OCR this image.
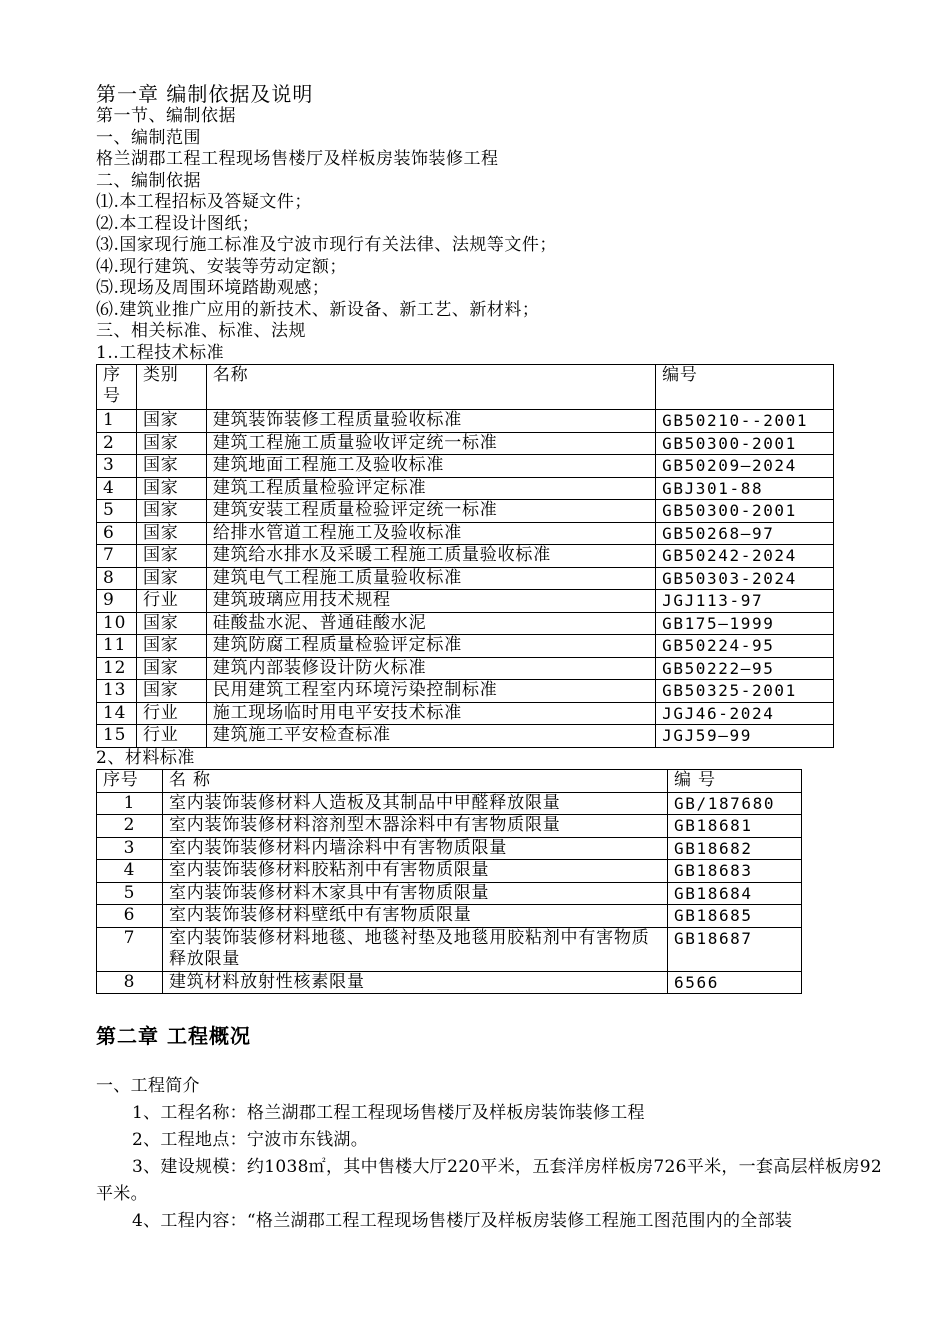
第一章 编制依据及说明
第一节、编制依据
一、编制范围
格兰湖郡工程工程现场售楼厅及样板房装饰装修工程
二、编制依据
⑴.本工程招标及答疑文件；
⑵.本工程设计图纸；
⑶.国家现行施工标准及宁波市现行有关法律、法规等文件；
⑷.现行建筑、安装等劳动定额；
⑸.现场及周围环境踏勘观感；
⑹.建筑业推广应用的新技术、新设备、新工艺、新材料；
三、相关标准、标准、法规
1..工程技术标准
序号	类别	名称	编号
1	国家	建筑装饰装修工程质量验收标准	GB50210--2001
2	国家	建筑工程施工质量验收评定统一标准	GB50300-2001
3	国家	建筑地面工程施工及验收标准	GB50209—2024
4	国家	建筑工程质量检验评定标准	GBJ301-88
5	国家	建筑安装工程质量检验评定统一标准	GB50300-2001
6	国家	给排水管道工程施工及验收标准	GB50268—97
7	国家	建筑给水排水及采暖工程施工质量验收标准	GB50242-2024
8	国家	建筑电气工程施工质量验收标准	GB50303-2024
9	行业	建筑玻璃应用技术规程	JGJ113-97
10	国家	硅酸盐水泥、普通硅酸水泥	GB175—1999
11	国家	建筑防腐工程质量检验评定标准	GB50224-95
12	国家	建筑内部装修设计防火标准	GB50222—95
13	国家	民用建筑工程室内环境污染控制标准	GB50325-2001
14	行业	施工现场临时用电平安技术标准	JGJ46-2024
15	行业	建筑施工平安检查标准	JGJ59—99
2、材料标准
序号	名 称	编 号
1	室内装饰装修材料人造板及其制品中甲醛释放限量	GB/187680
2	室内装饰装修材料溶剂型木器涂料中有害物质限量	GB18681
3	室内装饰装修材料内墙涂料中有害物质限量	GB18682
4	室内装饰装修材料胶粘剂中有害物质限量	GB18683
5	室内装饰装修材料木家具中有害物质限量	GB18684
6	室内装饰装修材料壁纸中有害物质限量	GB18685
7	室内装饰装修材料地毯、地毯衬垫及地毯用胶粘剂中有害物质释放限量	GB18687
8	建筑材料放射性核素限量	6566
第二章 工程概况
一、工程简介
1、工程名称：格兰湖郡工程工程现场售楼厅及样板房装饰装修工程
2、工程地点：宁波市东钱湖。
3、建设规模：约1038㎡，其中售楼大厅220平米，五套洋房样板房726平米，一套高层样板房92平米。
4、工程内容：“格兰湖郡工程工程现场售楼厅及样板房装修工程施工图范围内的全部装
